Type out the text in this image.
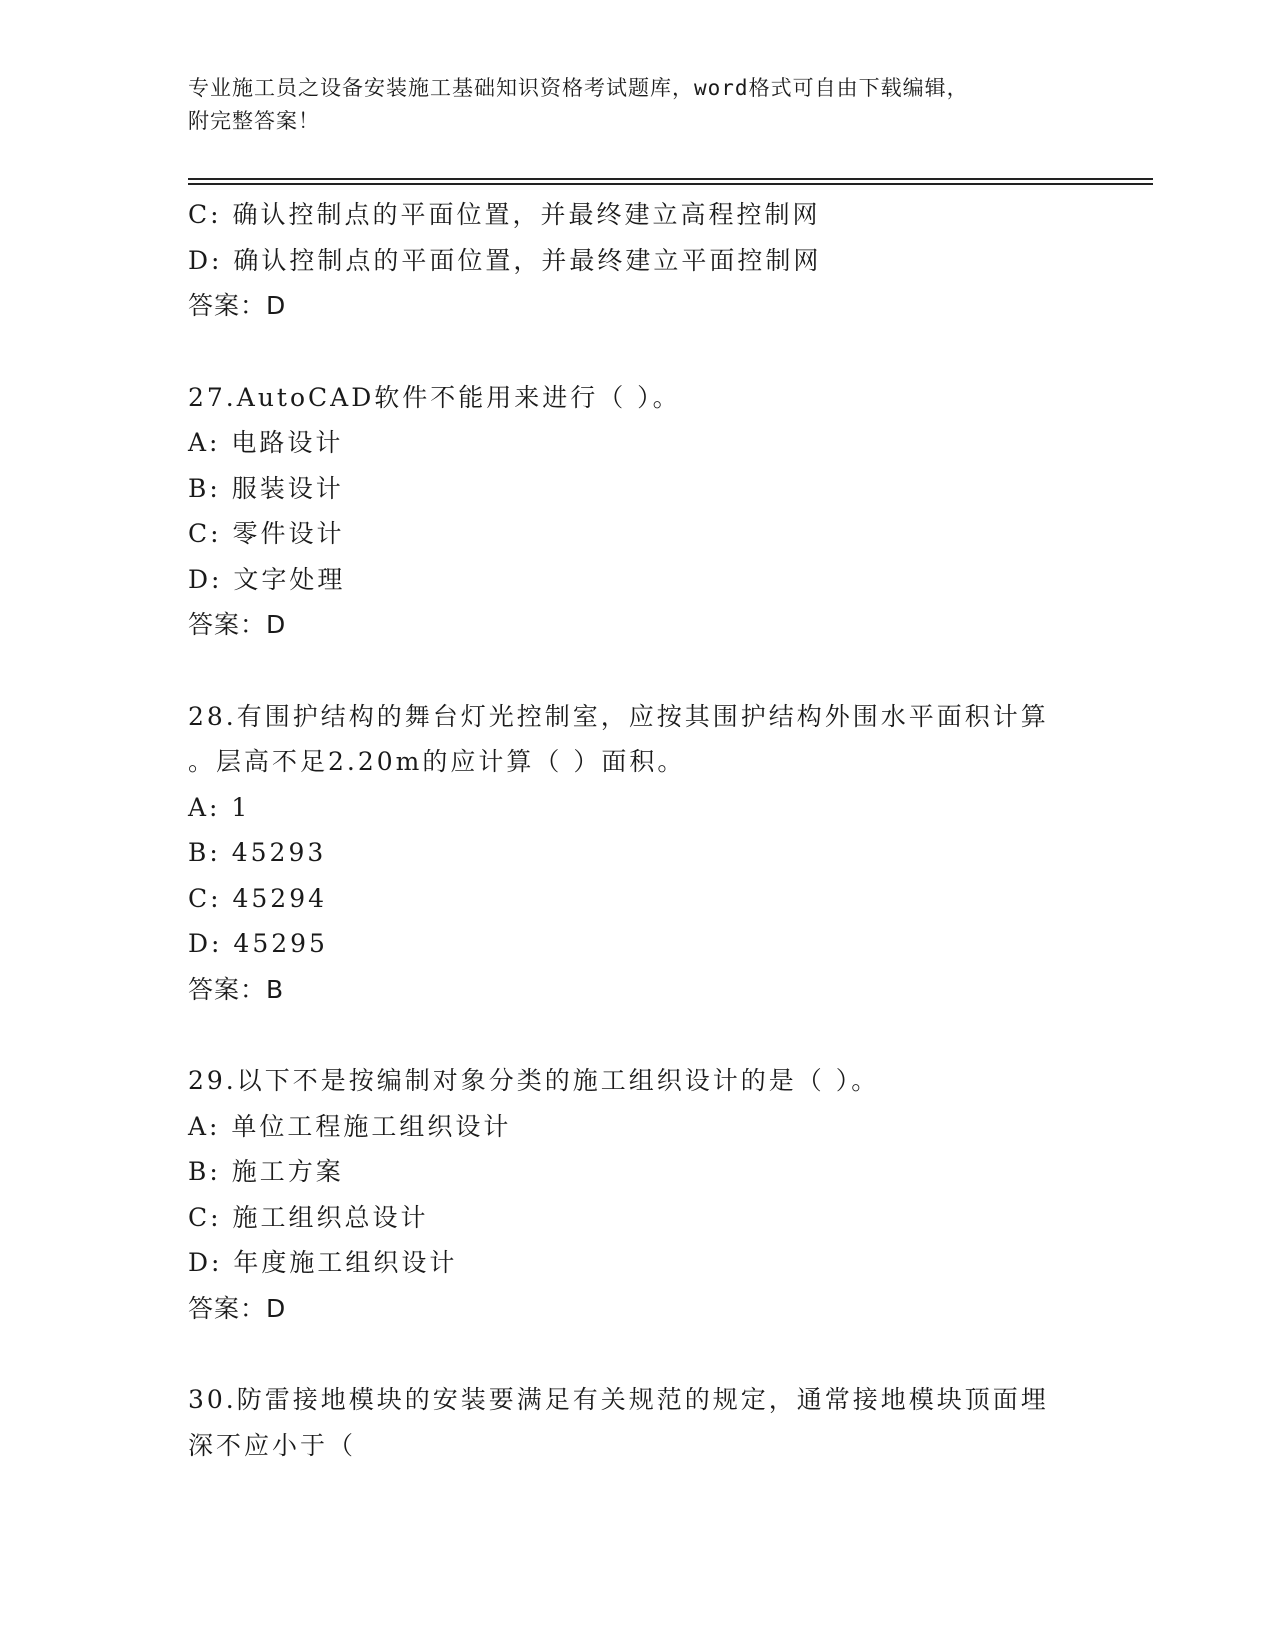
专业施工员之设备安装施工基础知识资格考试题库，word格式可自由下载编辑，
附完整答案！
C: 确认控制点的平面位置，并最终建立高程控制网
D: 确认控制点的平面位置，并最终建立平面控制网
答案：D
27.AutoCAD软件不能用来进行（ ）。
A: 电路设计
B: 服装设计
C: 零件设计
D: 文字处理
答案：D
28.有围护结构的舞台灯光控制室，应按其围护结构外围水平面积计算
。层高不足2.20m的应计算（ ）面积。
A: 1
B: 45293
C: 45294
D: 45295
答案：B
29.以下不是按编制对象分类的施工组织设计的是（ ）。
A: 单位工程施工组织设计
B: 施工方案
C: 施工组织总设计
D: 年度施工组织设计
答案：D
30.防雷接地模块的安装要满足有关规范的规定，通常接地模块顶面埋
深不应小于（
